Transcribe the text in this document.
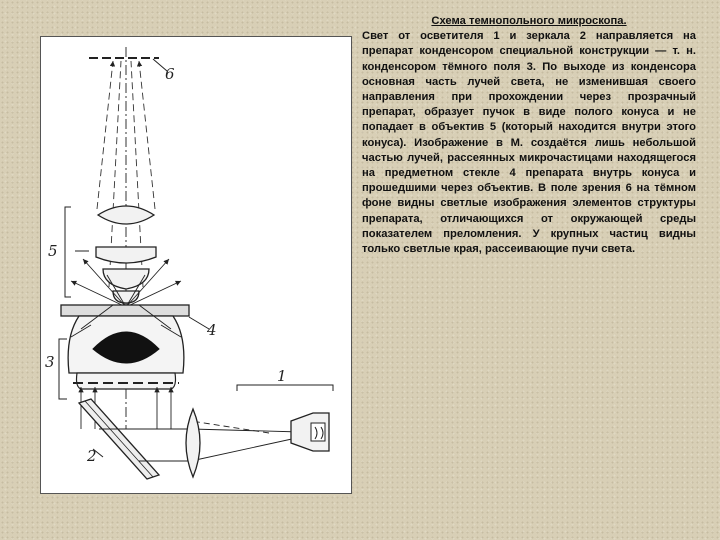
6
5
4
3
2
1

Схема темнопольного микроскопа.

Свет от осветителя 1 и зеркала 2 направляется на препарат конденсором специальной конструкции — т. н. конденсором тёмного поля 3. По выходе из конденсора основная часть лучей света, не изменившая своего направления при прохождении через прозрачный препарат, образует пучок в виде полого конуса и не попадает в объектив 5 (который находится внутри этого конуса). Изображение в М. создаётся лишь небольшой частью лучей, рассеянных микрочастицами находящегося на предметном стекле 4 препарата внутрь конуса и прошедшими через объектив. В поле зрения 6 на тёмном фоне видны светлые изображения элементов структуры препарата, отличающихся от окружающей среды показателем преломления. У крупных частиц видны только светлые края, рассеивающие пучи света.
